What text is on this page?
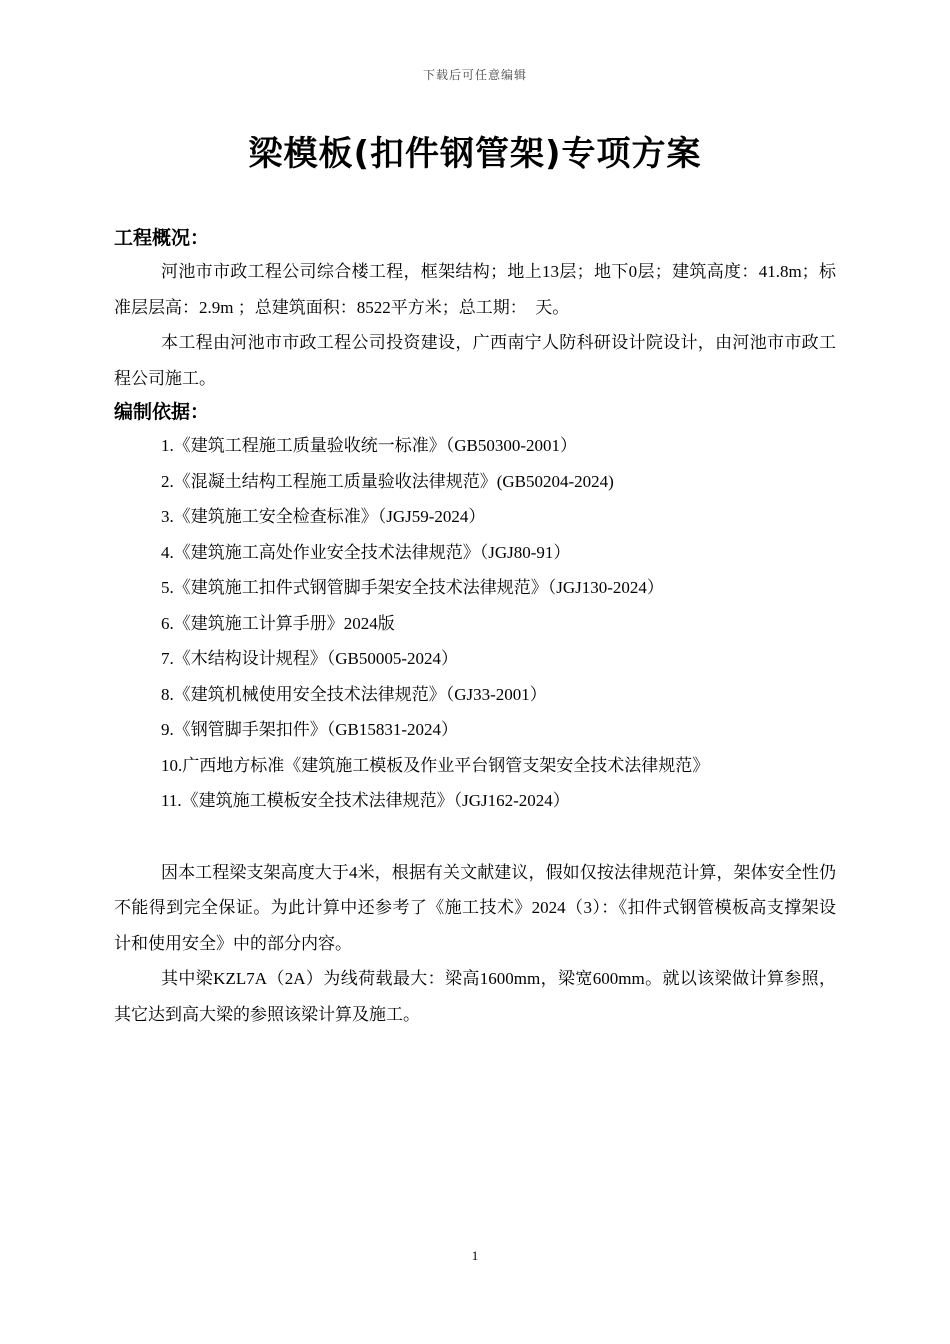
下载后可任意编辑
梁模板(扣件钢管架)专项方案
工程概况：

河池市市政工程公司综合楼工程，框架结构；地上13层；地下0层；建筑高度：41.8m；标准层层高：2.9m ；总建筑面积：8522平方米；总工期：　天。

本工程由河池市市政工程公司投资建设，广西南宁人防科研设计院设计，由河池市市政工程公司施工。

编制依据：
1.《建筑工程施工质量验收统一标准》（GB50300-2001）
2.《混凝土结构工程施工质量验收法律规范》(GB50204-2024)
3.《建筑施工安全检查标准》（JGJ59-2024）
4.《建筑施工高处作业安全技术法律规范》（JGJ80-91）
5.《建筑施工扣件式钢管脚手架安全技术法律规范》（JGJ130-2024）
6.《建筑施工计算手册》2024版
7.《木结构设计规程》（GB50005-2024）
8.《建筑机械使用安全技术法律规范》（GJ33-2001）
9.《钢管脚手架扣件》（GB15831-2024）
10.广西地方标准《建筑施工模板及作业平台钢管支架安全技术法律规范》
11.《建筑施工模板安全技术法律规范》（JGJ162-2024）

因本工程梁支架高度大于4米，根据有关文献建议，假如仅按法律规范计算，架体安全性仍不能得到完全保证。为此计算中还参考了《施工技术》2024（3）：《扣件式钢管模板高支撑架设计和使用安全》中的部分内容。

其中梁KZL7A（2A）为线荷载最大：梁高1600mm，梁宽600mm。就以该梁做计算参照，其它达到高大梁的参照该梁计算及施工。

1
